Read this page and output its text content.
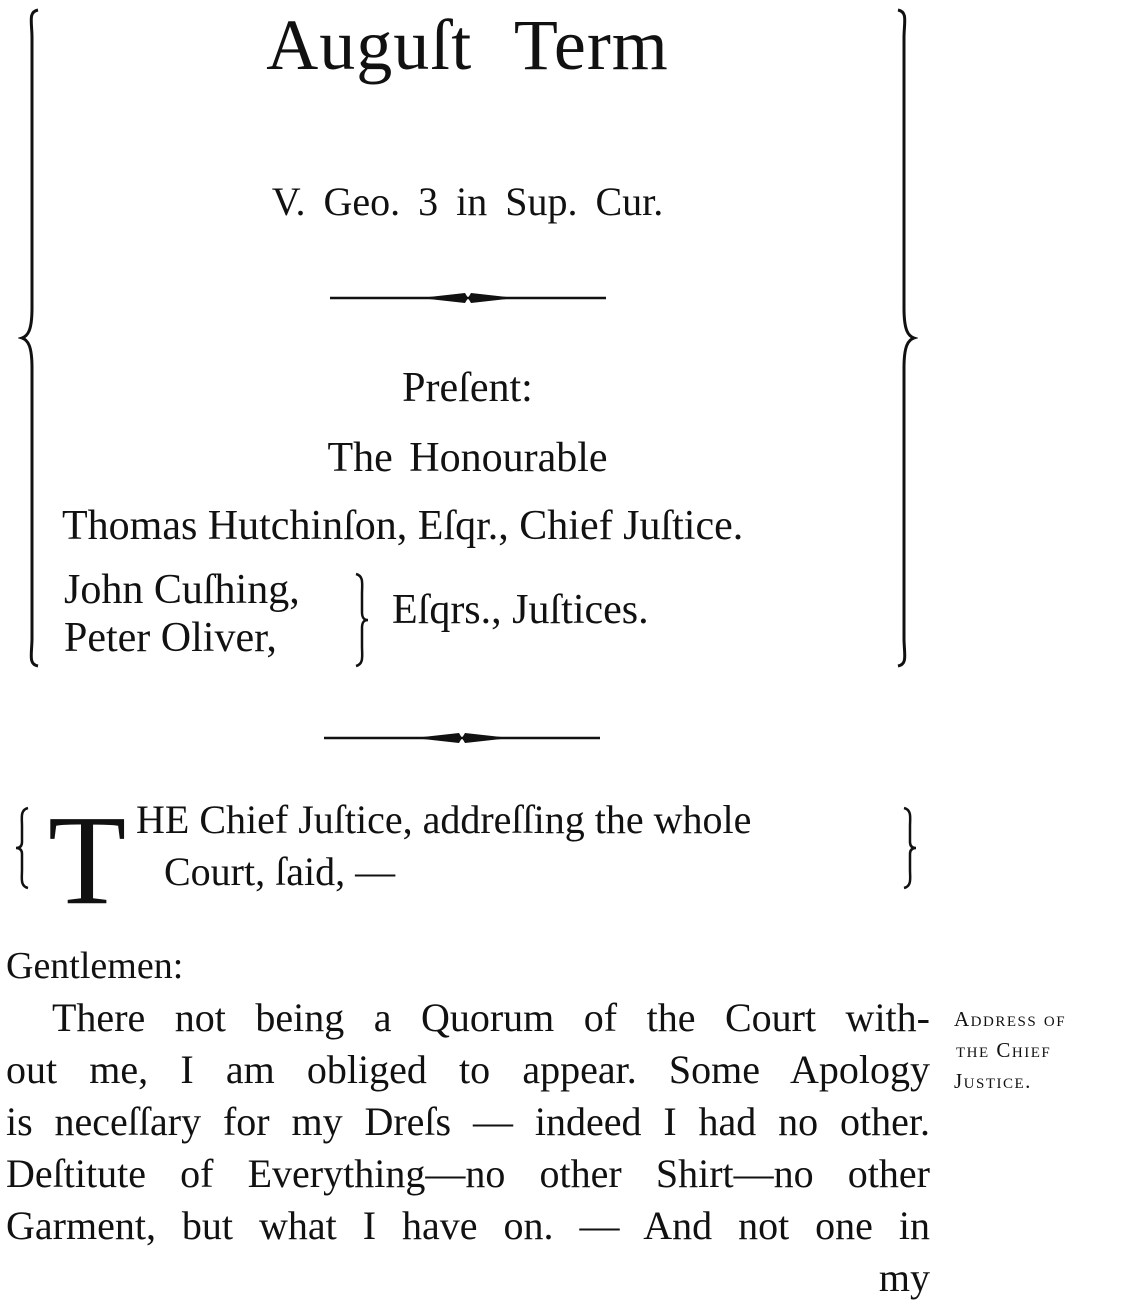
Auguſt Term
V. Geo. 3 in Sup. Cur.
Preſent:
The Honourable
Thomas Hutchinſon, Eſqr., Chief Juſtice.
John Cuſhing,
Peter Oliver,
Eſqrs., Juſtices.
T HE Chief Juſtice, addreſſing the whole
Court, ſaid, —
Gentlemen:
There not being a Quorum of the Court with-
out me, I am obliged to appear. Some Apology
is neceſſary for my Dreſs — indeed I had no other.
Deſtitute of Everything—no other Shirt—no other
Garment, but what I have on. — And not one in
my
Address of
the Chief
Justice.
